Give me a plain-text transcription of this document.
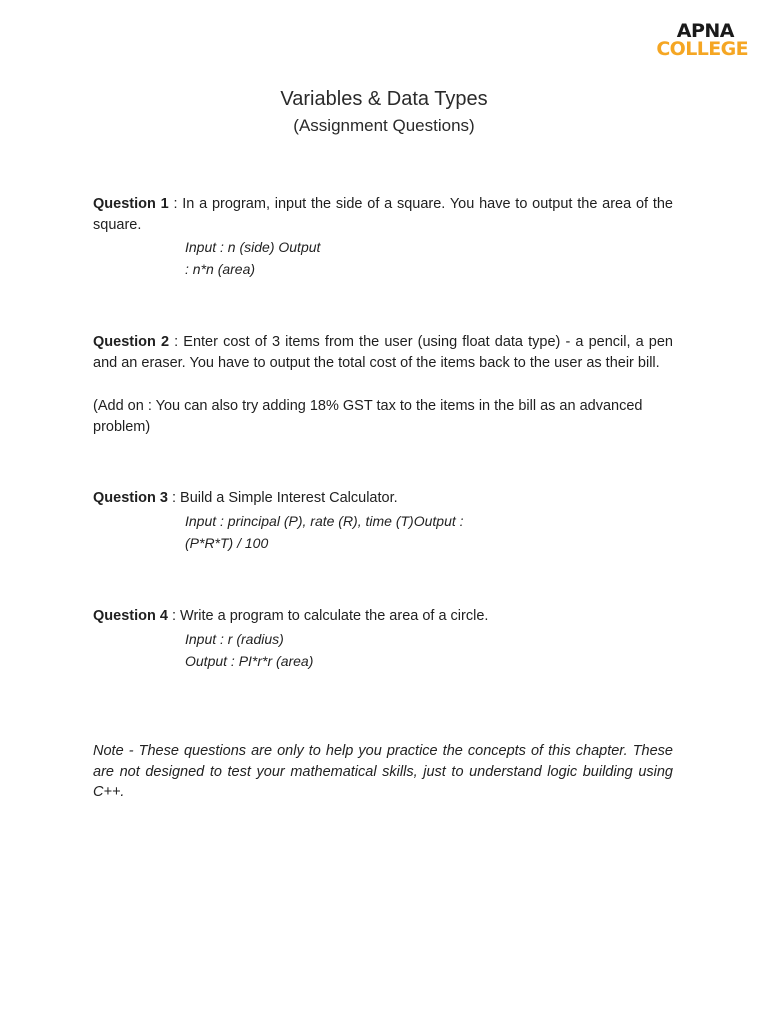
APNA
COLLEGE
Variables & Data Types
(Assignment Questions)
Question 1 : In a program, input the side of a square. You have to output the area of the square.
Input : n (side) Output
: n*n (area)
Question 2 : Enter cost of 3 items from the user (using float data type) - a pencil, a pen and an eraser. You have to output the total cost of the items back to the user as their bill.
(Add on : You can also try adding 18% GST tax to the items in the bill as an advanced problem)
Question 3 : Build a Simple Interest Calculator.
Input : principal (P), rate (R), time (T)Output :
(P*R*T) / 100
Question 4 : Write a program to calculate the area of a circle.
Input : r (radius)
Output : PI*r*r (area)
Note - These questions are only to help you practice the concepts of this chapter. These are not designed to test your mathematical skills, just to understand logic building using C++.
